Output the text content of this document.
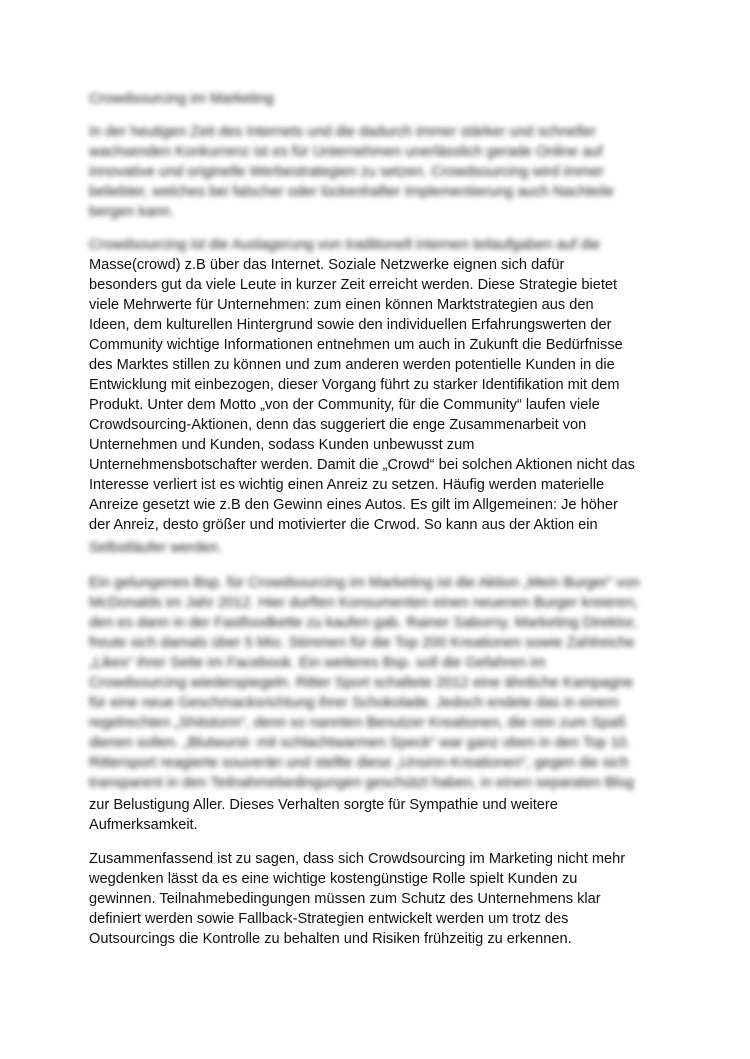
Crowdsourcing im Marketing
In der heutigen Zeit des Internets und die dadurch immer stärker und schneller
wachsenden Konkurrenz ist es für Unternehmen unerlässlich gerade Online auf
innovative und originelle Werbestrategien zu setzen. Crowdsourcing wird immer
beliebter, welches bei falscher oder lückenhafter Implementierung auch Nachteile
bergen kann.
Crowdsourcing ist die Auslagerung von traditionell internen teilaufgaben auf die
Masse(crowd) z.B über das Internet. Soziale Netzwerke eignen sich dafür
besonders gut da viele Leute in kurzer Zeit erreicht werden. Diese Strategie bietet
viele Mehrwerte für Unternehmen: zum einen können Marktstrategien aus den
Ideen, dem kulturellen Hintergrund sowie den individuellen Erfahrungswerten der
Community wichtige Informationen entnehmen um auch in Zukunft die Bedürfnisse
des Marktes stillen zu können und zum anderen werden potentielle Kunden in die
Entwicklung mit einbezogen, dieser Vorgang führt zu starker Identifikation mit dem
Produkt. Unter dem Motto „von der Community, für die Community“ laufen viele
Crowdsourcing-Aktionen, denn das suggeriert die enge Zusammenarbeit von
Unternehmen und Kunden, sodass Kunden unbewusst zum
Unternehmensbotschafter werden. Damit die „Crowd“ bei solchen Aktionen nicht das
Interesse verliert ist es wichtig einen Anreiz zu setzen. Häufig werden materielle
Anreize gesetzt wie z.B den Gewinn eines Autos. Es gilt im Allgemeinen: Je höher
der Anreiz, desto größer und motivierter die Crwod. So kann aus der Aktion ein
Selbstläufer werden.
Ein gelungenes Bsp. für Crowdsourcing im Marketing ist die Aktion „Mein Burger“ von
McDonalds im Jahr 2012. Hier durften Konsumenten einen neuenen Burger kreieren,
den es dann in der Fastfoodkette zu kaufen gab. Rainer Saborny, Marketing Direktor,
freute sich damals über 5 Mio. Stimmen für die Top 200 Kreationen sowie Zahlreiche
„Likes“ ihrer Seite im Facebook. Ein weiteres Bsp. soll die Gefahren im
Crowdsourcing wiederspiegeln. Ritter Sport schaltete 2012 eine ähnliche Kampagne
für eine neue Geschmacksrichtung ihrer Schokolade. Jedoch endete das in einem
regelrechten „Shitstorm“, denn so nannten Benutzer Kreationen, die rein zum Spaß
dienen sollen. „Blutwurst- mit schlachtwarmen Speck“ war ganz oben in den Top 10.
Rittersport reagierte souverän und stellte diese „Unsinn-Kreationen“, gegen die sich
transparent in den Teilnahmebedingungen geschützt haben, in einen separaten Blog
zur Belustigung Aller. Dieses Verhalten sorgte für Sympathie und weitere
Aufmerksamkeit.
Zusammenfassend ist zu sagen, dass sich Crowdsourcing im Marketing nicht mehr
wegdenken lässt da es eine wichtige kostengünstige Rolle spielt Kunden zu
gewinnen. Teilnahmebedingungen müssen zum Schutz des Unternehmens klar
definiert werden sowie Fallback-Strategien entwickelt werden um trotz des
Outsourcings die Kontrolle zu behalten und Risiken frühzeitig zu erkennen.
